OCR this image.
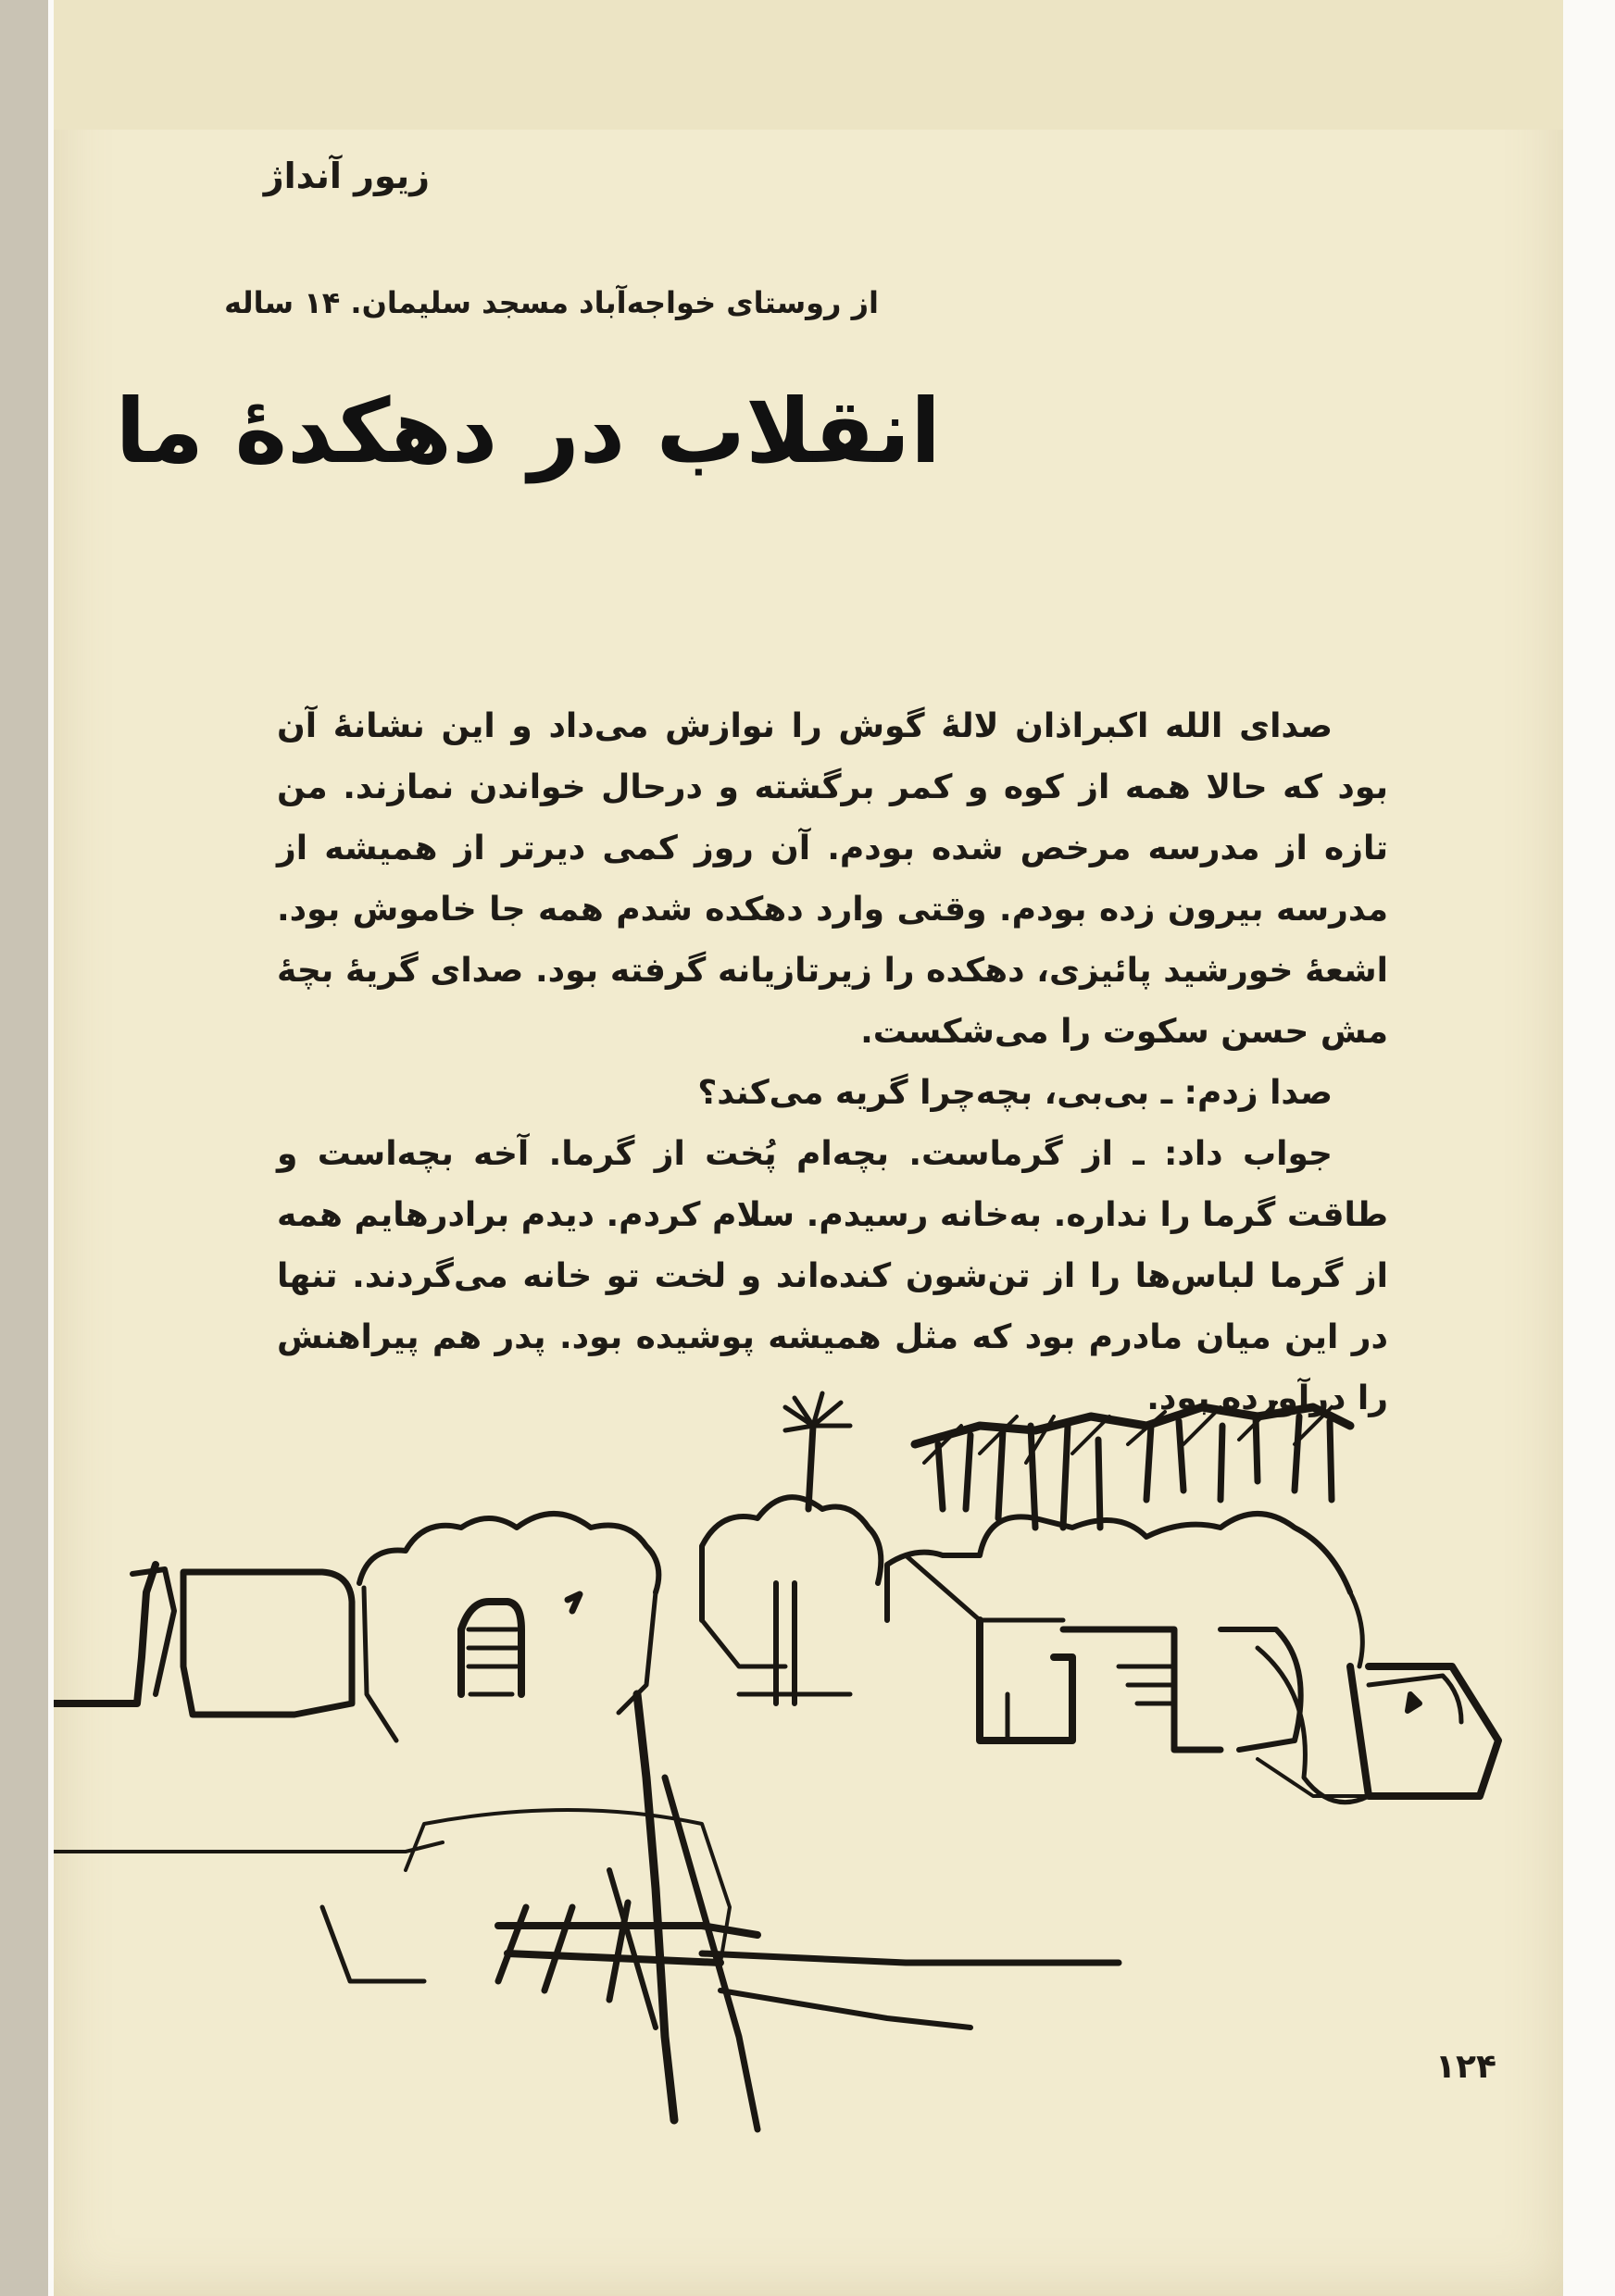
زیور آنداژ
از روستای خواجه‌آباد مسجد سلیمان. ۱۴ ساله
انقلاب در دهکدهٔ ما

صدای الله اکبراذان لالهٔ گوش را نوازش می‌داد و این نشانهٔ آن بود که حالا همه از کوه و کمر برگشته و درحال خواندن نمازند. من تازه از مدرسه مرخص شده بودم. آن روز کمی دیرتر از همیشه از مدرسه بیرون زده بودم. وقتی وارد دهکده شدم همه جا خاموش بود. اشعهٔ خورشید پائیزی، دهکده را زیرتازیانه گرفته بود. صدای گریهٔ بچهٔ مش حسن سکوت را می‌شکست.

صدا زدم: ـ بی‌بی، بچه‌چرا گریه می‌کند؟

جواب داد: ـ از گرماست. بچه‌ام پُخت از گرما. آخه بچه‌است و طاقت گرما را نداره. به‌خانه رسیدم. سلام کردم. دیدم برادرهایم همه از گرما لباس‌ها را از تن‌شون کنده‌اند و لخت تو خانه می‌گردند. تنها در این میان مادرم بود که مثل همیشه پوشیده بود. پدر هم پیراهنش را درآورده بود.

۱۲۴
